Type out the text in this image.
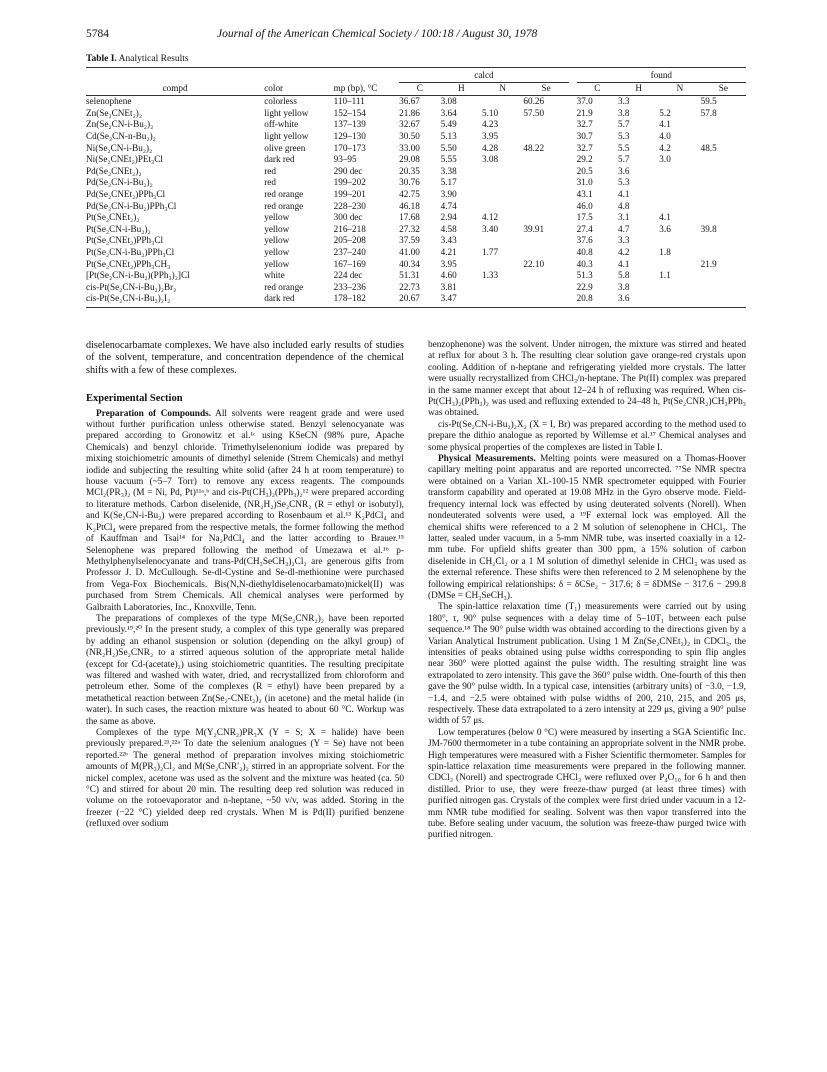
5784	Journal of the American Chemical Society / 100:18 / August 30, 1978
Table I. Analytical Results
			calcd					found			
compd	color	mp (bp), °C	C	H	N	Se		C	H	N	Se
selenophene	colorless	110–111	36.67	3.08		60.26		37.0	3.3		59.5
Zn(Se₂CNEt₂)₂	light yellow	152–154	21.86	3.64	5.10	57.50		21.9	3.8	5.2	57.8
Zn(Se₂CN-i-Bu₂)₂	off-white	137–139	32.67	5.49	4.23			32.7	5.7	4.1	
Cd(Se₂CN-n-Bu₂)₂	light yellow	129–130	30.50	5.13	3.95			30.7	5.3	4.0	
Ni(Se₂CN-i-Bu₂)₂	olive green	170–173	33.00	5.50	4.28	48.22		32.7	5.5	4.2	48.5
Ni(Se₂CNEt₂)PEt₃Cl	dark red	93–95	29.08	5.55	3.08			29.2	5.7	3.0	
Pd(Se₂CNEt₂)₂	red	290 dec	20.35	3.38				20.5	3.6		
Pd(Se₂CN-i-Bu₂)₂	red	199–202	30.76	5.17				31.0	5.3		
Pd(Se₂CNEt₂)PPh₃Cl	red orange	199–201	42.75	3.90				43.1	4.1		
Pd(Se₂CN-i-Bu₂)PPh₃Cl	red orange	228–230	46.18	4.74				46.0	4.8		
Pt(Se₂CNEt₂)₂	yellow	300 dec	17.68	2.94	4.12			17.5	3.1	4.1	
Pt(Se₂CN-i-Bu₂)₂	yellow	216–218	27.32	4.58	3.40	39.91		27.4	4.7	3.6	39.8
Pt(Se₂CNEt₂)PPh₃Cl	yellow	205–208	37.59	3.43				37.6	3.3		
Pt(Se₂CN-i-Bu₂)PPh₃Cl	yellow	237–240	41.00	4.21	1.77			40.8	4.2	1.8	
Pt(Se₂CNEt₂)PPh₃CH₃	yellow	167–169	40.34	3.95		22.10		40.3	4.1		21.9
[Pt(Se₂CN-i-Bu₂)(PPh₃)₂]Cl	white	224 dec	51.31	4.60	1.33			51.3	5.8	1.1	
cis-Pt(Se₂CN-i-Bu₂)₂Br₂	red orange	233–236	22.73	3.81				22.9	3.8		
cis-Pt(Se₂CN-i-Bu₂)₂I₂	dark red	178–182	20.67	3.47				20.8	3.6		

diselenocarbamate complexes. We have also included early results of studies of the solvent, temperature, and concentration dependence of the chemical shifts with a few of these complexes.

Experimental Section

Preparation of Compounds. All solvents were reagent grade and were used without further purification unless otherwise stated. Benzyl selenocyanate was prepared according to Gronowitz et al.¹ᶜ using KSeCN (98% pure, Apache Chemicals) and benzyl chloride. Trimethylselenonium iodide was prepared by mixing stoichiometric amounts of dimethyl selenide (Strem Chemicals) and methyl iodide and subjecting the resulting white solid (after 24 h at room temperature) to house vacuum (~5–7 Torr) to remove any excess reagents. The compounds MCl₂(PR₃)₂ (M = Ni, Pd, Pt)¹¹ᵃ,ᵇ and cis-Pt(CH₃)₂(PPh₃)₂¹² were prepared according to literature methods. Carbon diselenide, (NR₂H₂)Se₂CNR₂ (R = ethyl or isobutyl), and K(Se₂CN-i-Bu₂) were prepared according to Rosenbaum et al.¹³ K₂PdCl₄ and K₂PtCl₄ were prepared from the respective metals, the former following the method of Kauffman and Tsai¹⁴ for Na₂PdCl₄ and the latter according to Brauer.¹⁵ Selenophene was prepared following the method of Umezawa et al.¹⁶ p-Methylphenylselenocyanate and trans-Pd(CH₃SeCH₃)₂Cl₂ are generous gifts from Professor J. D. McCullough. Se-dl-Cystine and Se-dl-methionine were purchased from Vega-Fox Biochemicals. Bis(N,N-diethyldiselenocarbamato)nickel(II) was purchased from Strem Chemicals. All chemical analyses were performed by Galbraith Laboratories, Inc., Knoxville, Tenn.

The preparations of complexes of the type M(Se₂CNR₂)₂ have been reported previously.¹⁹,²⁰ In the present study, a complex of this type generally was prepared by adding an ethanol suspension or solution (depending on the alkyl group) of (NR₂H₂)Se₂CNR₂ to a stirred aqueous solution of the appropriate metal halide (except for Cd-(acetate)₂) using stoichiometric quantities. The resulting precipitate was filtered and washed with water, dried, and recrystallized from chloroform and petroleum ether. Some of the complexes (R = ethyl) have been prepared by a metathetical reaction between Zn(Se₂-CNEt₂)₂ (in acetone) and the metal halide (in water). In such cases, the reaction mixture was heated to about 60 °C. Workup was the same as above.

Complexes of the type M(Y₂CNR₂)PR₃X (Y = S; X = halide) have been previously prepared.²¹,²²ᵃ To date the selenium analogues (Y = Se) have not been reported.²²ᵇ The general method of preparation involves mixing stoichiometric amounts of M(PR₃)₂Cl₂ and M(Se₂CNR′₂)₂ stirred in an appropriate solvent. For the nickel complex, acetone was used as the solvent and the mixture was heated (ca. 50 °C) and stirred for about 20 min. The resulting deep red solution was reduced in volume on the rotoevaporator and n-heptane, ~50 v/v, was added. Storing in the freezer (−22 °C) yielded deep red crystals. When M is Pd(II) purified benzene (refluxed over sodium

benzophenone) was the solvent. Under nitrogen, the mixture was stirred and heated at reflux for about 3 h. The resulting clear solution gave orange-red crystals upon cooling. Addition of n-heptane and refrigerating yielded more crystals. The latter were usually recrystallized from CHCl₃/n-heptane. The Pt(II) complex was prepared in the same manner except that about 12–24 h of refluxing was required. When cis-Pt(CH₃)₂(PPh₃)₂ was used and refluxing extended to 24–48 h, Pt(Se₂CNR₂)CH₃PPh₃ was obtained.

cis-Pt(Se₂CN-i-Bu₂)₂X₂ (X = I, Br) was prepared according to the method used to prepare the dithio analogue as reported by Willemse et al.¹⁷ Chemical analyses and some physical properties of the complexes are listed in Table I.

Physical Measurements. Melting points were measured on a Thomas-Hoover capillary melting point apparatus and are reported uncorrected. ⁷⁷Se NMR spectra were obtained on a Varian XL-100-15 NMR spectrometer equipped with Fourier transform capability and operated at 19.08 MHz in the Gyro observe mode. Field-frequency internal lock was effected by using deuterated solvents (Norell). When nondeuterated solvents were used, a ¹⁹F external lock was employed. All the chemical shifts were referenced to a 2 M solution of selenophene in CHCl₃. The latter, sealed under vacuum, in a 5-mm NMR tube, was inserted coaxially in a 12-mm tube. For upfield shifts greater than 300 ppm, a 15% solution of carbon diselenide in CH₂Cl₂ or a 1 M solution of dimethyl selenide in CHCl₃ was used as the external reference. These shifts were then referenced to 2 M selenophene by the following empirical relationships: δ = δCSe₂ − 317.6; δ = δDMSe − 317.6 − 299.8 (DMSe = CH₃SeCH₃).

The spin-lattice relaxation time (T₁) measurements were carried out by using 180°, τ, 90° pulse sequences with a delay time of 5–10T₁ between each pulse sequence.¹⁸ The 90° pulse width was obtained according to the directions given by a Varian Analytical Instrument publication. Using 1 M Zn(Se₂CNEt₂)₂ in CDCl₃, the intensities of peaks obtained using pulse widths corresponding to spin flip angles near 360° were plotted against the pulse width. The resulting straight line was extrapolated to zero intensity. This gave the 360° pulse width. One-fourth of this then gave the 90° pulse width. In a typical case, intensities (arbitrary units) of −3.0, −1.9, −1.4, and −2.5 were obtained with pulse widths of 200, 210, 215, and 205 μs, respectively. These data extrapolated to a zero intensity at 229 μs, giving a 90° pulse width of 57 μs.

Low temperatures (below 0 °C) were measured by inserting a SGA Scientific Inc. JM-7600 thermometer in a tube containing an appropriate solvent in the NMR probe. High temperatures were measured with a Fisher Scientific thermometer. Samples for spin-lattice relaxation time measurements were prepared in the following manner. CDCl₃ (Norell) and spectrograde CHCl₃ were refluxed over P₄O₁₀ for 6 h and then distilled. Prior to use, they were freeze-thaw purged (at least three times) with purified nitrogen gas. Crystals of the complex were first dried under vacuum in a 12-mm NMR tube modified for sealing. Solvent was then vapor transferred into the tube. Before sealing under vacuum, the solution was freeze-thaw purged twice with purified nitrogen.
